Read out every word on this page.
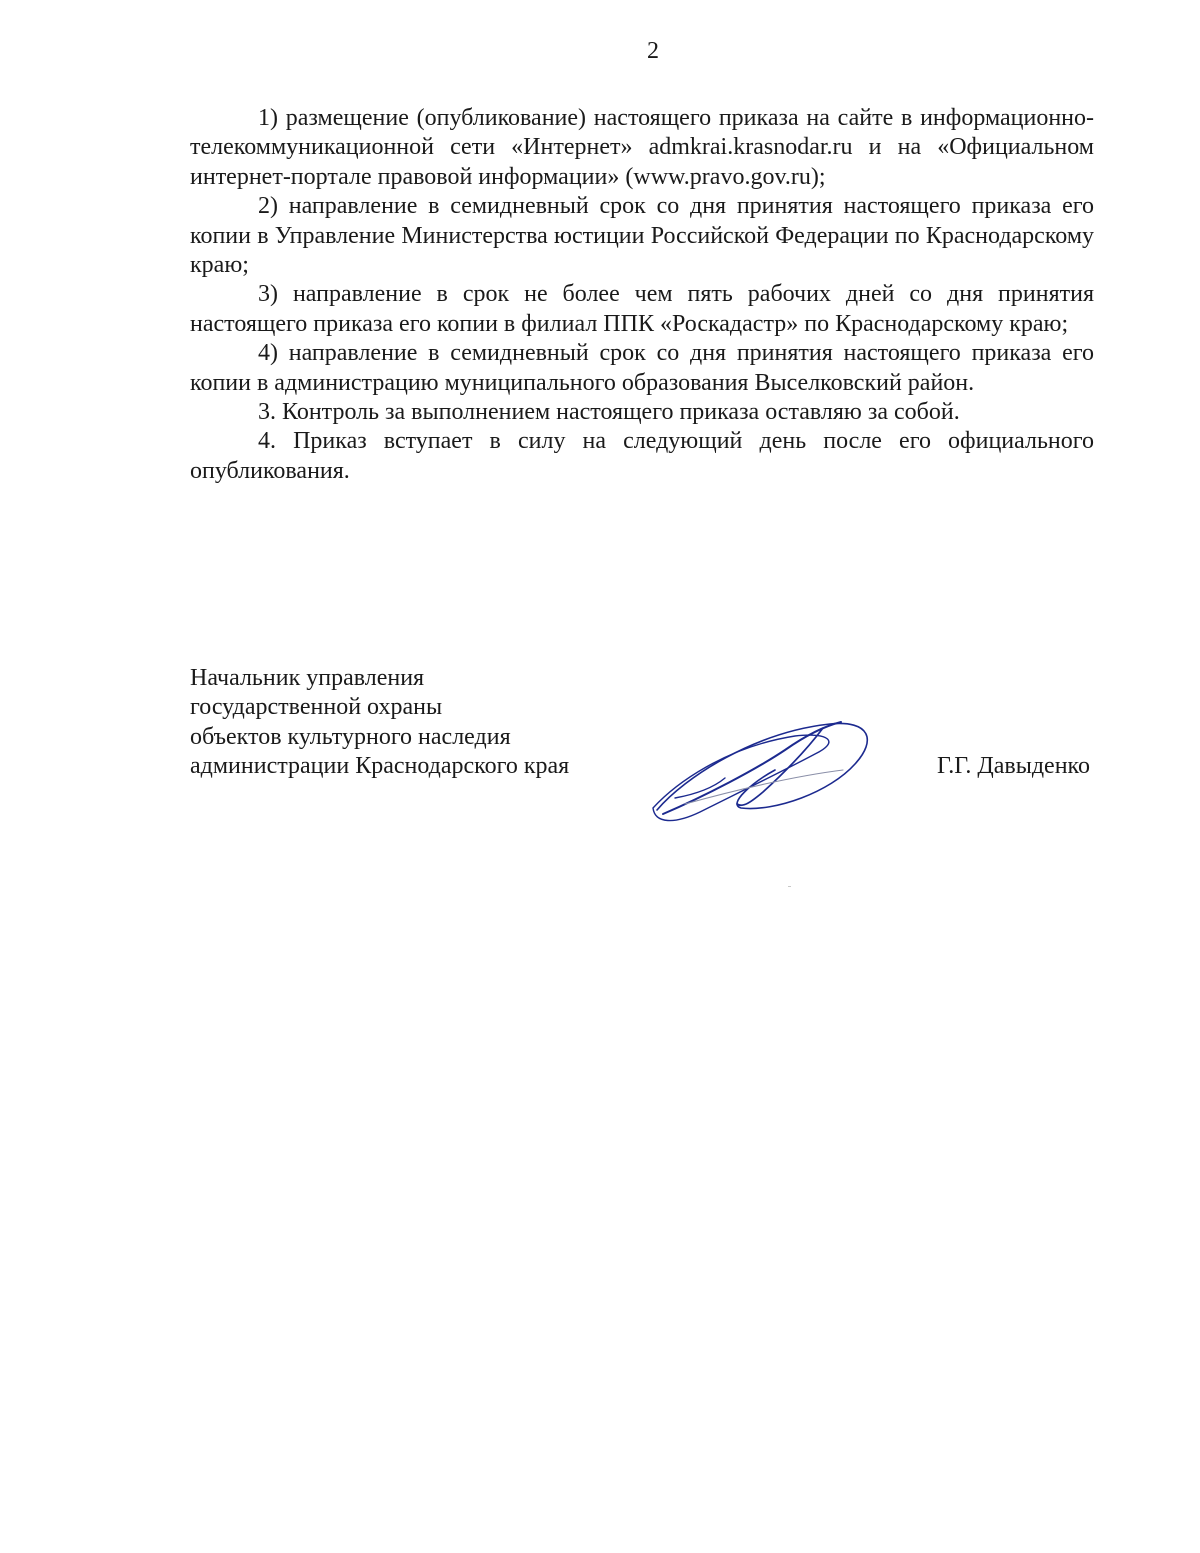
2

1) размещение (опубликование) настоящего приказа на сайте в информационно-телекоммуникационной сети «Интернет» admkrai.krasnodar.ru и на «Официальном интернет-портале правовой информации» (www.pravo.gov.ru);

2) направление в семидневный срок со дня принятия настоящего приказа его копии в Управление Министерства юстиции Российской Федерации по Краснодарскому краю;

3) направление в срок не более чем пять рабочих дней со дня принятия настоящего приказа его копии в филиал ППК «Роскадастр» по Краснодарскому краю;

4) направление в семидневный срок со дня принятия настоящего приказа его копии в администрацию муниципального образования Выселковский район.

3. Контроль за выполнением настоящего приказа оставляю за собой.

4. Приказ вступает в силу на следующий день после его официального опубликования.

Начальник управления
государственной охраны
объектов культурного наследия
администрации Краснодарского края	Г.Г. Давыденко
